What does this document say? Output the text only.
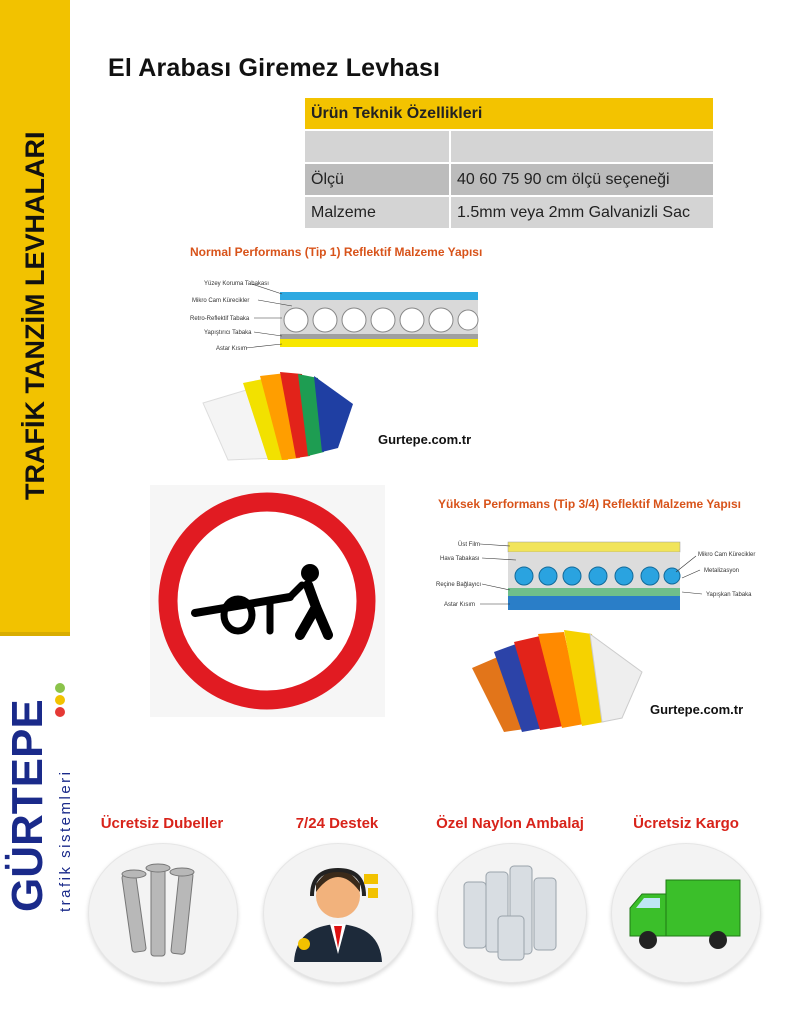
TRAFİK TANZİM LEVHALARI
GÜRTEPE trafik sistemleri
El Arabası Giremez Levhası
Ürün Teknik Özellikleri	

Ölçü	40 60 75 90 cm ölçü seçeneği
Malzeme	1.5mm veya 2mm Galvanizli Sac
Normal Performans (Tip 1) Reflektif Malzeme Yapısı
Yüzey Koruma Tabakası
Mikro Cam Kürecikler
Retro-Reflektif Tabaka
Yapıştırıcı Tabaka
Astar Kısım
Gurtepe.com.tr
Yüksek Performans (Tip 3/4) Reflektif Malzeme Yapısı
Üst Film
Hava Tabakası
Reçine Bağlayıcı
Astar Kısım
Mikro Cam Kürecikler
Metalizasyon
Yapışkan Tabaka
Gurtepe.com.tr
Ücretsiz Dubeller	7/24 Destek	Özel Naylon Ambalaj	Ücretsiz Kargo
